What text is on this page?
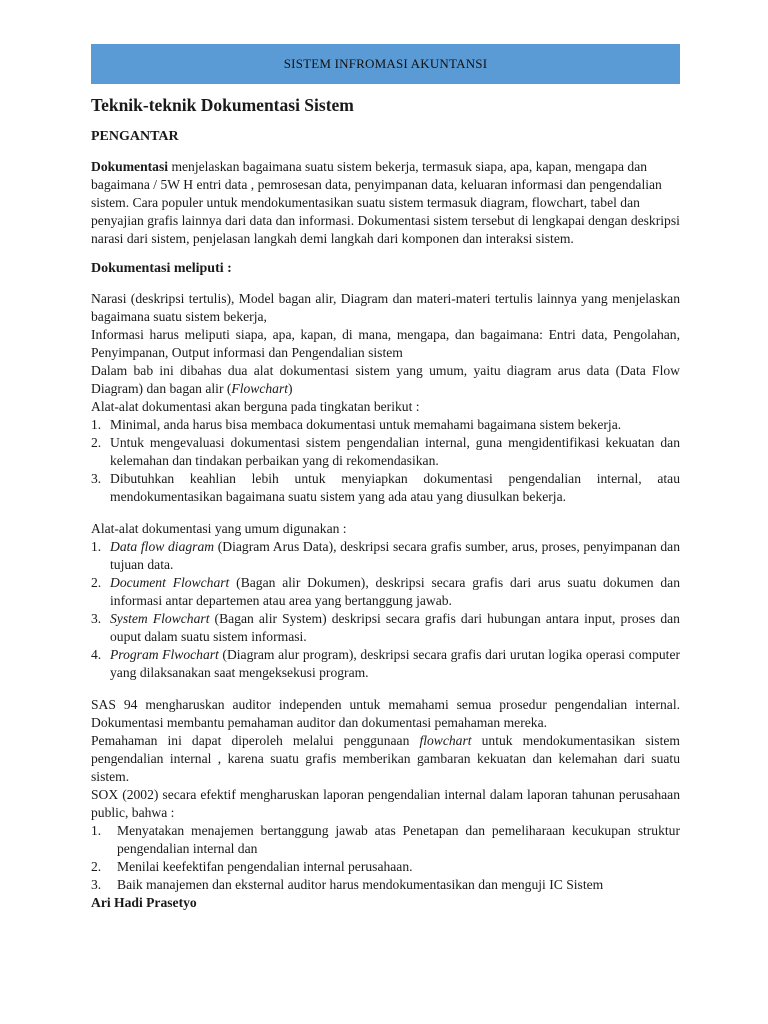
SISTEM INFROMASI AKUNTANSI
Teknik-teknik Dokumentasi Sistem
PENGANTAR

Dokumentasi menjelaskan bagaimana suatu sistem bekerja, termasuk siapa, apa, kapan, mengapa dan bagaimana / 5W H entri data , pemrosesan data, penyimpanan data, keluaran informasi dan pengendalian sistem. Cara populer untuk mendokumentasikan suatu sistem termasuk diagram, flowchart, tabel dan penyajian grafis lainnya dari data dan informasi. Dokumentasi sistem tersebut di lengkapai dengan deskripsi narasi dari sistem, penjelasan langkah demi langkah dari komponen dan interaksi sistem.

Dokumentasi meliputi :

Narasi (deskripsi tertulis), Model bagan alir, Diagram dan materi-materi tertulis lainnya yang menjelaskan bagaimana suatu sistem bekerja,

Informasi harus meliputi siapa, apa, kapan, di mana, mengapa, dan bagaimana: Entri data, Pengolahan, Penyimpanan, Output informasi dan Pengendalian sistem

Dalam bab ini dibahas dua alat dokumentasi sistem yang umum, yaitu diagram arus data (Data Flow Diagram) dan bagan alir (Flowchart)

Alat-alat dokumentasi akan berguna pada tingkatan berikut :

1. Minimal, anda harus bisa membaca dokumentasi untuk memahami bagaimana sistem bekerja.
2. Untuk mengevaluasi dokumentasi sistem pengendalian internal, guna mengidentifikasi kekuatan dan kelemahan dan tindakan perbaikan yang di rekomendasikan.
3. Dibutuhkan keahlian lebih untuk menyiapkan dokumentasi pengendalian internal, atau mendokumentasikan bagaimana suatu sistem yang ada atau yang diusulkan bekerja.

Alat-alat dokumentasi yang umum digunakan :

1. Data flow diagram (Diagram Arus Data), deskripsi secara grafis sumber, arus, proses, penyimpanan dan tujuan data.
2. Document Flowchart (Bagan alir Dokumen), deskripsi secara grafis dari arus suatu dokumen dan informasi antar departemen atau area yang bertanggung jawab.
3. System Flowchart (Bagan alir System) deskripsi secara grafis dari hubungan antara input, proses dan ouput dalam suatu sistem informasi.
4. Program Flwochart (Diagram alur program), deskripsi secara grafis dari urutan logika operasi computer yang dilaksanakan saat mengeksekusi program.

SAS 94 mengharuskan auditor independen untuk memahami semua prosedur pengendalian internal. Dokumentasi membantu pemahaman auditor dan dokumentasi pemahaman mereka.

Pemahaman ini dapat diperoleh melalui penggunaan flowchart untuk mendokumentasikan sistem pengendalian internal , karena suatu grafis memberikan gambaran kekuatan dan kelemahan dari suatu sistem.

SOX (2002) secara efektif mengharuskan laporan pengendalian internal dalam laporan tahunan perusahaan public, bahwa :

1. Menyatakan menajemen bertanggung jawab atas Penetapan dan pemeliharaan kecukupan struktur pengendalian internal dan
2. Menilai keefektifan pengendalian internal perusahaan.
3. Baik manajemen dan eksternal auditor harus mendokumentasikan dan menguji IC Sistem

Ari Hadi Prasetyo
